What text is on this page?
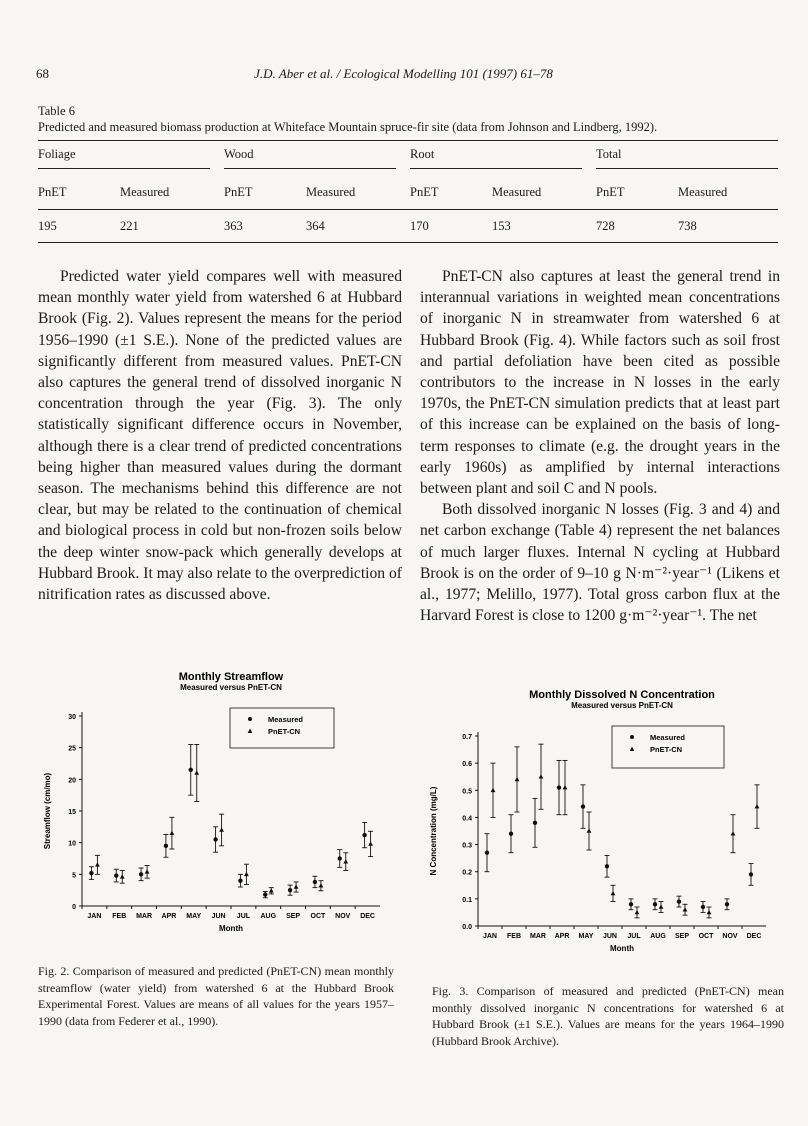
68	J.D. Aber et al. / Ecological Modelling 101 (1997) 61–78
Table 6
Predicted and measured biomass production at Whiteface Mountain spruce-fir site (data from Johnson and Lindberg, 1992).
Foliage		Wood		Root		Total	

PnET	Measured	PnET	Measured	PnET	Measured	PnET	Measured
195	221	363	364	170	153	728	738

Predicted water yield compares well with measured mean monthly water yield from watershed 6 at Hubbard Brook (Fig. 2). Values represent the means for the period 1956–1990 (±1 S.E.). None of the predicted values are significantly different from measured values. PnET-CN also captures the general trend of dissolved inorganic N concentration through the year (Fig. 3). The only statistically significant difference occurs in November, although there is a clear trend of predicted concentrations being higher than measured values during the dormant season. The mechanisms behind this difference are not clear, but may be related to the continuation of chemical and biological process in cold but non-frozen soils below the deep winter snow-pack which generally develops at Hubbard Brook. It may also relate to the overprediction of nitrification rates as discussed above.

PnET-CN also captures at least the general trend in interannual variations in weighted mean concentrations of inorganic N in streamwater from watershed 6 at Hubbard Brook (Fig. 4). While factors such as soil frost and partial defoliation have been cited as possible contributors to the increase in N losses in the early 1970s, the PnET-CN simulation predicts that at least part of this increase can be explained on the basis of long-term responses to climate (e.g. the drought years in the early 1960s) as amplified by internal interactions between plant and soil C and N pools.

Both dissolved inorganic N losses (Fig. 3 and 4) and net carbon exchange (Table 4) represent the net balances of much larger fluxes. Internal N cycling at Hubbard Brook is on the order of 9–10 g N·m⁻²·year⁻¹ (Likens et al., 1977; Melillo, 1977). Total gross carbon flux at the Harvard Forest is close to 1200 g·m⁻²·year⁻¹. The net

Monthly Streamflow
Measured versus PnET-CN
0
5
10
15
20
25
30
JAN FEB MAR APR MAY JUN JUL AUG SEP OCT NOV DEC
Month
Streamflow (cm/mo)
Measured
PnET-CN
Monthly Dissolved N Concentration
Measured versus PnET-CN
0.0
0.1
0.2
0.3
0.4
0.5
0.6
0.7
JAN FEB MAR APR MAY JUN JUL AUG SEP OCT NOV DEC
Month
N Concentration (mg/L)
Measured
PnET-CN
Fig. 2. Comparison of measured and predicted (PnET-CN) mean monthly streamflow (water yield) from watershed 6 at the Hubbard Brook Experimental Forest. Values are means of all values for the years 1957–1990 (data from Federer et al., 1990).
Fig. 3. Comparison of measured and predicted (PnET-CN) mean monthly dissolved inorganic N concentrations for watershed 6 at Hubbard Brook (±1 S.E.). Values are means for the years 1964–1990 (Hubbard Brook Archive).
